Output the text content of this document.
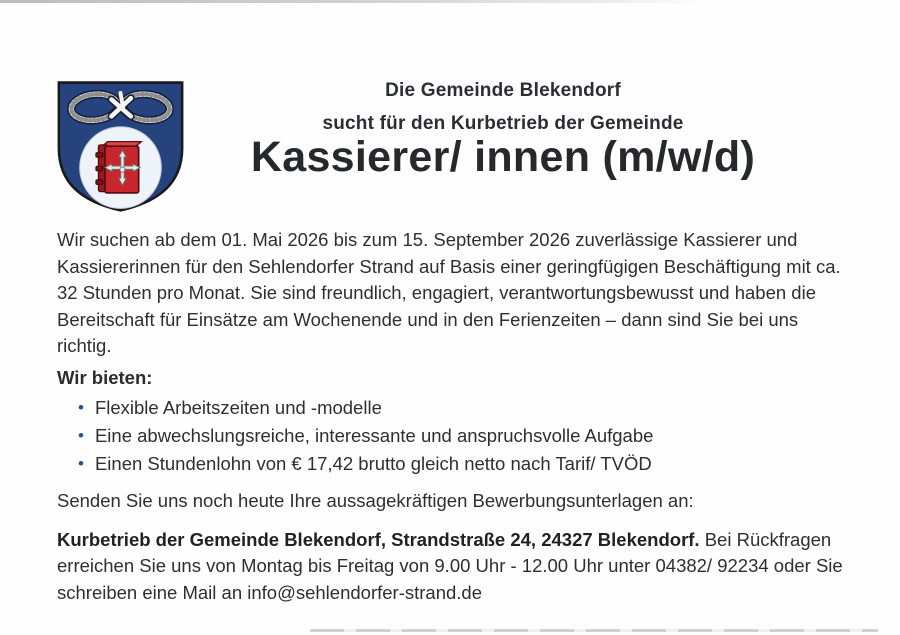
Die Gemeinde Blekendorf
sucht für den Kurbetrieb der Gemeinde
Kassierer/ innen (m/w/d)

Wir suchen ab dem 01. Mai 2026 bis zum 15. September 2026 zuverlässige Kassierer und Kassiererinnen für den Sehlendorfer Strand auf Basis einer geringfügigen Beschäftigung mit ca. 32 Stunden pro Monat. Sie sind freundlich, engagiert, verantwortungsbewusst und haben die Bereitschaft für Einsätze am Wochenende und in den Ferienzeiten – dann sind Sie bei uns richtig.

Wir bieten:

• Flexible Arbeitszeiten und -modelle
• Eine abwechslungsreiche, interessante und anspruchsvolle Aufgabe
• Einen Stundenlohn von € 17,42 brutto gleich netto nach Tarif/ TVÖD

Senden Sie uns noch heute Ihre aussagekräftigen Bewerbungsunterlagen an:

Kurbetrieb der Gemeinde Blekendorf, Strandstraße 24, 24327 Blekendorf. Bei Rückfragen erreichen Sie uns von Montag bis Freitag von 9.00 Uhr - 12.00 Uhr unter 04382/ 92234 oder Sie schreiben eine Mail an info@sehlendorfer-strand.de
